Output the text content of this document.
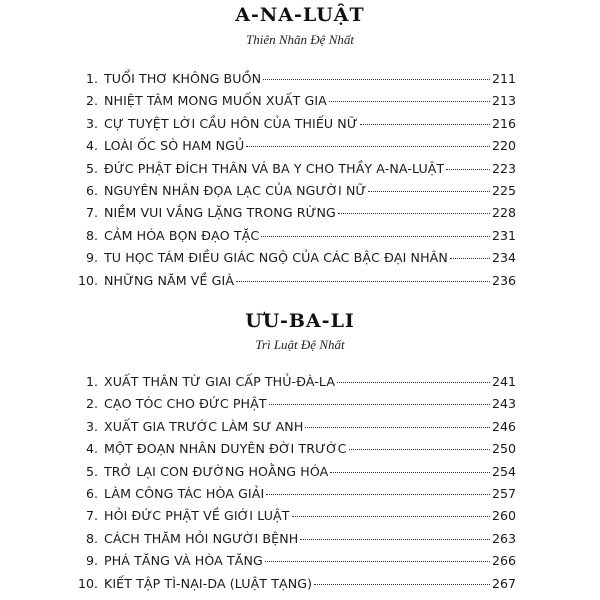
A-NA-LUẬT
Thiên Nhãn Đệ Nhất
1. TUỔI THƠ KHÔNG BUỒN	211
2. NHIỆT TÂM MONG MUỐN XUẤT GIA	213
3. CỰ TUYỆT LỜI CẦU HÔN CỦA THIẾU NỮ	216
4. LOÀI ỐC SÒ HAM NGỦ	220
5. ĐỨC PHẬT ĐÍCH THÂN VÁ BA Y CHO THẦY A-NA-LUẬT	223
6. NGUYÊN NHÂN ĐỌA LẠC CỦA NGƯỜI NỮ	225
7. NIỀM VUI VẮNG LẶNG TRONG RỪNG	228
8. CẢM HÓA BỌN ĐẠO TẶC	231
9. TU HỌC TÁM ĐIỀU GIÁC NGỘ CỦA CÁC BẬC ĐẠI NHÂN	234
10. NHỮNG NĂM VỀ GIÀ	236
ƯU-BA-LI
Trì Luật Đệ Nhất
1. XUẤT THÂN TỪ GIAI CẤP THỦ-ĐÀ-LA	241
2. CẠO TÓC CHO ĐỨC PHẬT	243
3. XUẤT GIA TRƯỚC LÀM SƯ ANH	246
4. MỘT ĐOẠN NHÂN DUYÊN ĐỜI TRƯỚC	250
5. TRỞ LẠI CON ĐƯỜNG HOẰNG HÓA	254
6. LÀM CÔNG TÁC HÒA GIẢI	257
7. HỎI ĐỨC PHẬT VỀ GIỚI LUẬT	260
8. CÁCH THĂM HỎI NGƯỜI BỆNH	263
9. PHÁ TĂNG VÀ HÒA TĂNG	266
10. KIẾT TẬP TÌ-NẠI-DA (LUẬT TẠNG)	267
